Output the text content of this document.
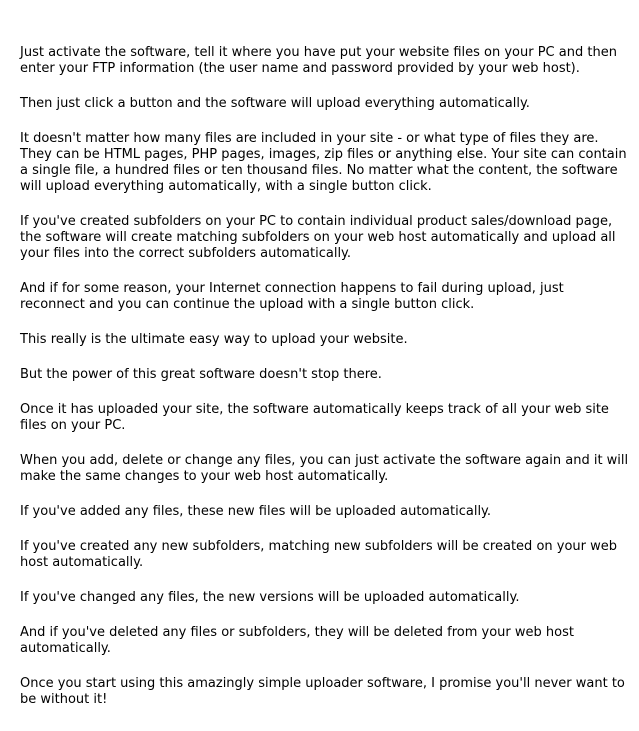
Just activate the software, tell it where you have put your website files on your PC and then enter your FTP information (the user name and password provided by your web host).

Then just click a button and the software will upload everything automatically.

It doesn't matter how many files are included in your site - or what type of files they are. They can be HTML pages, PHP pages, images, zip files or anything else. Your site can contain a single file, a hundred files or ten thousand files. No matter what the content, the software will upload everything automatically, with a single button click.

If you've created subfolders on your PC to contain individual product sales/download page, the software will create matching subfolders on your web host automatically and upload all your files into the correct subfolders automatically.

And if for some reason, your Internet connection happens to fail during upload, just reconnect and you can continue the upload with a single button click.

This really is the ultimate easy way to upload your website.

But the power of this great software doesn't stop there.

Once it has uploaded your site, the software automatically keeps track of all your web site files on your PC.

When you add, delete or change any files, you can just activate the software again and it will make the same changes to your web host automatically.

If you've added any files, these new files will be uploaded automatically.

If you've created any new subfolders, matching new subfolders will be created on your web host automatically.

If you've changed any files, the new versions will be uploaded automatically.

And if you've deleted any files or subfolders, they will be deleted from your web host automatically.

Once you start using this amazingly simple uploader software, I promise you'll never want to be without it!
